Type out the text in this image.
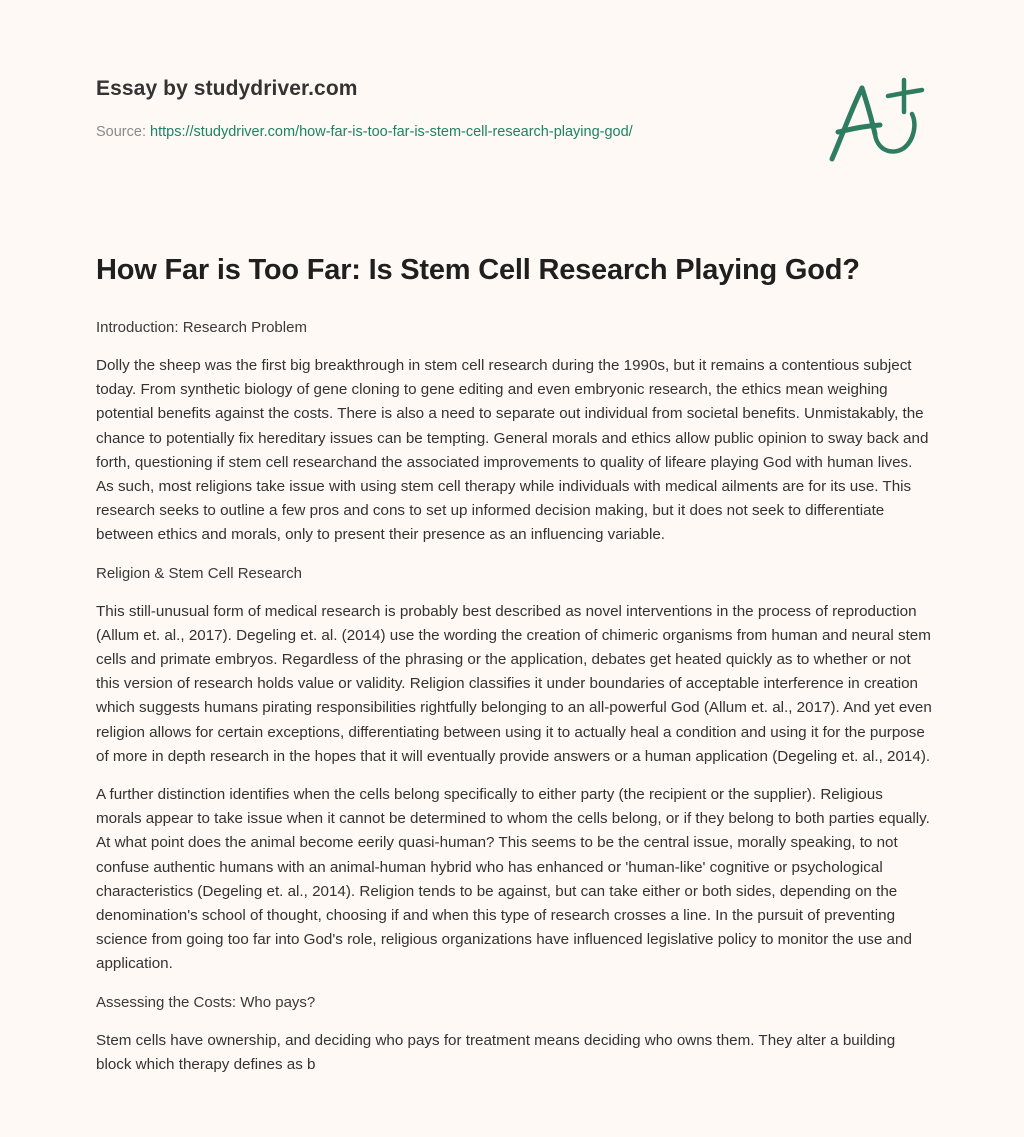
Essay by studydriver.com
Source: https://studydriver.com/how-far-is-too-far-is-stem-cell-research-playing-god/
How Far is Too Far: Is Stem Cell Research Playing God?

Introduction: Research Problem

Dolly the sheep was the first big breakthrough in stem cell research during the 1990s, but it remains a contentious subject today. From synthetic biology of gene cloning to gene editing and even embryonic research, the ethics mean weighing potential benefits against the costs. There is also a need to separate out individual from societal benefits. Unmistakably, the chance to potentially fix hereditary issues can be tempting. General morals and ethics allow public opinion to sway back and forth, questioning if stem cell researchand the associated improvements to quality of lifeare playing God with human lives. As such, most religions take issue with using stem cell therapy while individuals with medical ailments are for its use. This research seeks to outline a few pros and cons to set up informed decision making, but it does not seek to differentiate between ethics and morals, only to present their presence as an influencing variable.

Religion & Stem Cell Research

This still-unusual form of medical research is probably best described as novel interventions in the process of reproduction (Allum et. al., 2017). Degeling et. al. (2014) use the wording the creation of chimeric organisms from human and neural stem cells and primate embryos. Regardless of the phrasing or the application, debates get heated quickly as to whether or not this version of research holds value or validity. Religion classifies it under boundaries of acceptable interference in creation which suggests humans pirating responsibilities rightfully belonging to an all-powerful God (Allum et. al., 2017). And yet even religion allows for certain exceptions, differentiating between using it to actually heal a condition and using it for the purpose of more in depth research in the hopes that it will eventually provide answers or a human application (Degeling et. al., 2014).

A further distinction identifies when the cells belong specifically to either party (the recipient or the supplier). Religious morals appear to take issue when it cannot be determined to whom the cells belong, or if they belong to both parties equally. At what point does the animal become eerily quasi-human? This seems to be the central issue, morally speaking, to not confuse authentic humans with an animal-human hybrid who has enhanced or 'human-like' cognitive or psychological characteristics (Degeling et. al., 2014). Religion tends to be against, but can take either or both sides, depending on the denomination's school of thought, choosing if and when this type of research crosses a line. In the pursuit of preventing science from going too far into God's role, religious organizations have influenced legislative policy to monitor the use and application.

Assessing the Costs: Who pays?

Stem cells have ownership, and deciding who pays for treatment means deciding who owns them. They alter a building block which therapy defines as b
